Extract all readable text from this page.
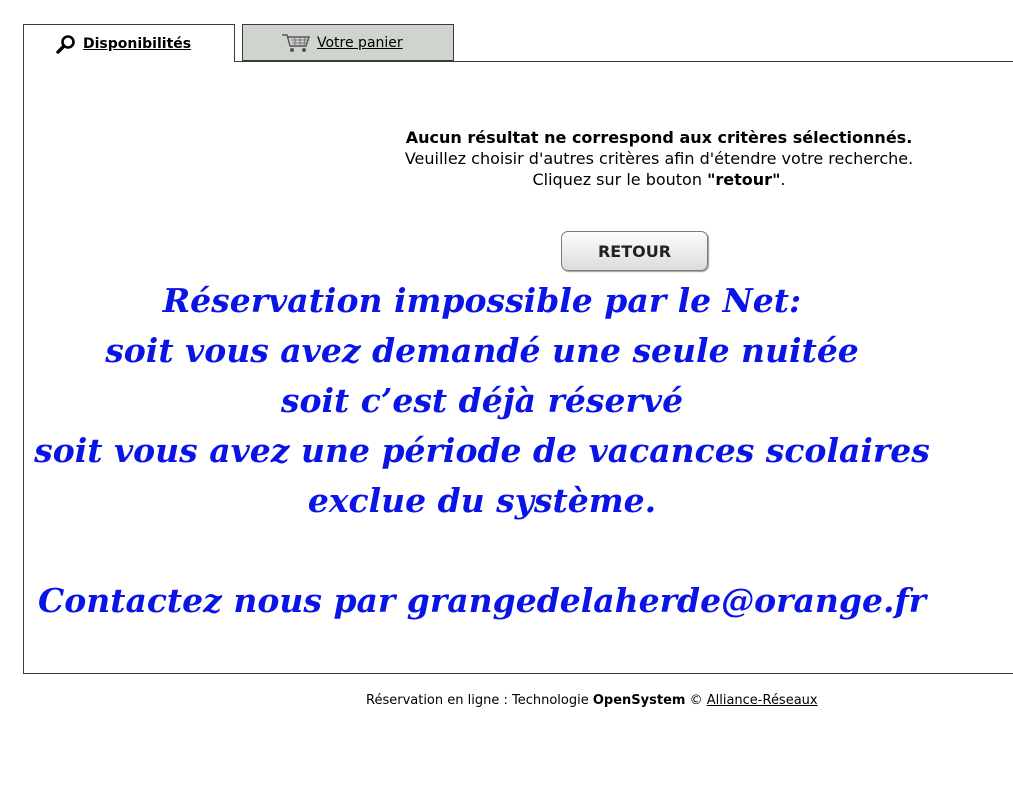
Disponibilités	Votre panier
Aucun résultat ne correspond aux critères sélectionnés.
Veuillez choisir d'autres critères afin d'étendre votre recherche.
Cliquez sur le bouton "retour".
RETOUR
Réservation impossible par le Net:
soit vous avez demandé une seule nuitée
soit c’est déjà réservé
soit vous avez une période de vacances scolaires
exclue du système.
Contactez nous par grangedelaherde@orange.fr
Réservation en ligne : Technologie OpenSystem © Alliance-Réseaux
